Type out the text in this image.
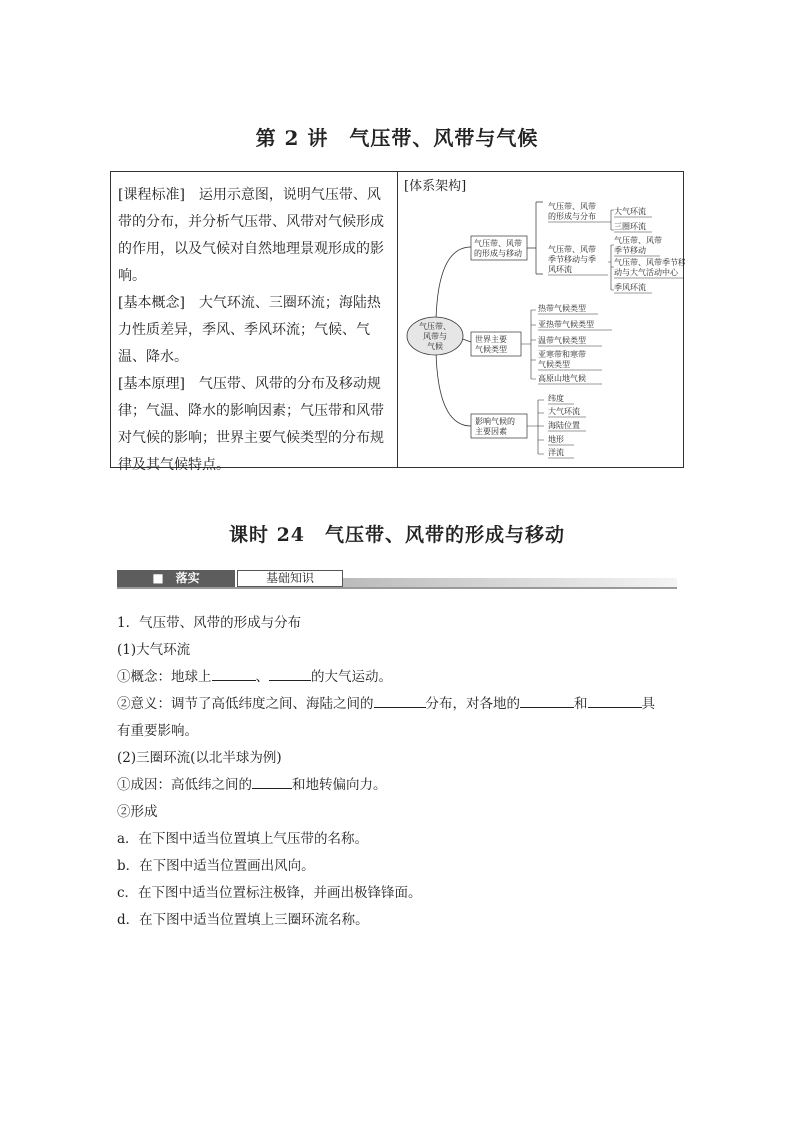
第 2 讲　气压带、风带与气候

[课程标准]　运用示意图，说明气压带、风带的分布，并分析气压带、风带对气候形成的作用，以及气候对自然地理景观形成的影响。

[基本概念]　大气环流、三圈环流；海陆热力性质差异，季风、季风环流；气候、气温、降水。

[基本原理]　气压带、风带的分布及移动规律；气温、降水的影响因素；气压带和风带对气候的影响；世界主要气候类型的分布规律及其气候特点。

[体系架构]
气压带、
风带与
气候
气压带、风带
的形成与移动
气压带、风带
的形成与分布
大气环流
三圈环流
气压带、风带
季节移动与季
风环流
气压带、风带
季节移动
气压带、风带季节移
动与大气活动中心
季风环流
世界主要
气候类型
热带气候类型
亚热带气候类型
温带气候类型
亚寒带和寒带
气候类型
高原山地气候
影响气候的
主要因素
纬度
大气环流
海陆位置
地形
洋流
课时 24　气压带、风带的形成与移动
■　落实	基础知识

1．气压带、风带的形成与分布

(1)大气环流

①概念：地球上	、	的大气运动。

②意义：调节了高低纬度之间、海陆之间的	分布，对各地的	和	具

有重要影响。

(2)三圈环流(以北半球为例)

①成因：高低纬之间的	和地转偏向力。

②形成

a．在下图中适当位置填上气压带的名称。

b．在下图中适当位置画出风向。

c．在下图中适当位置标注极锋，并画出极锋锋面。

d．在下图中适当位置填上三圈环流名称。
